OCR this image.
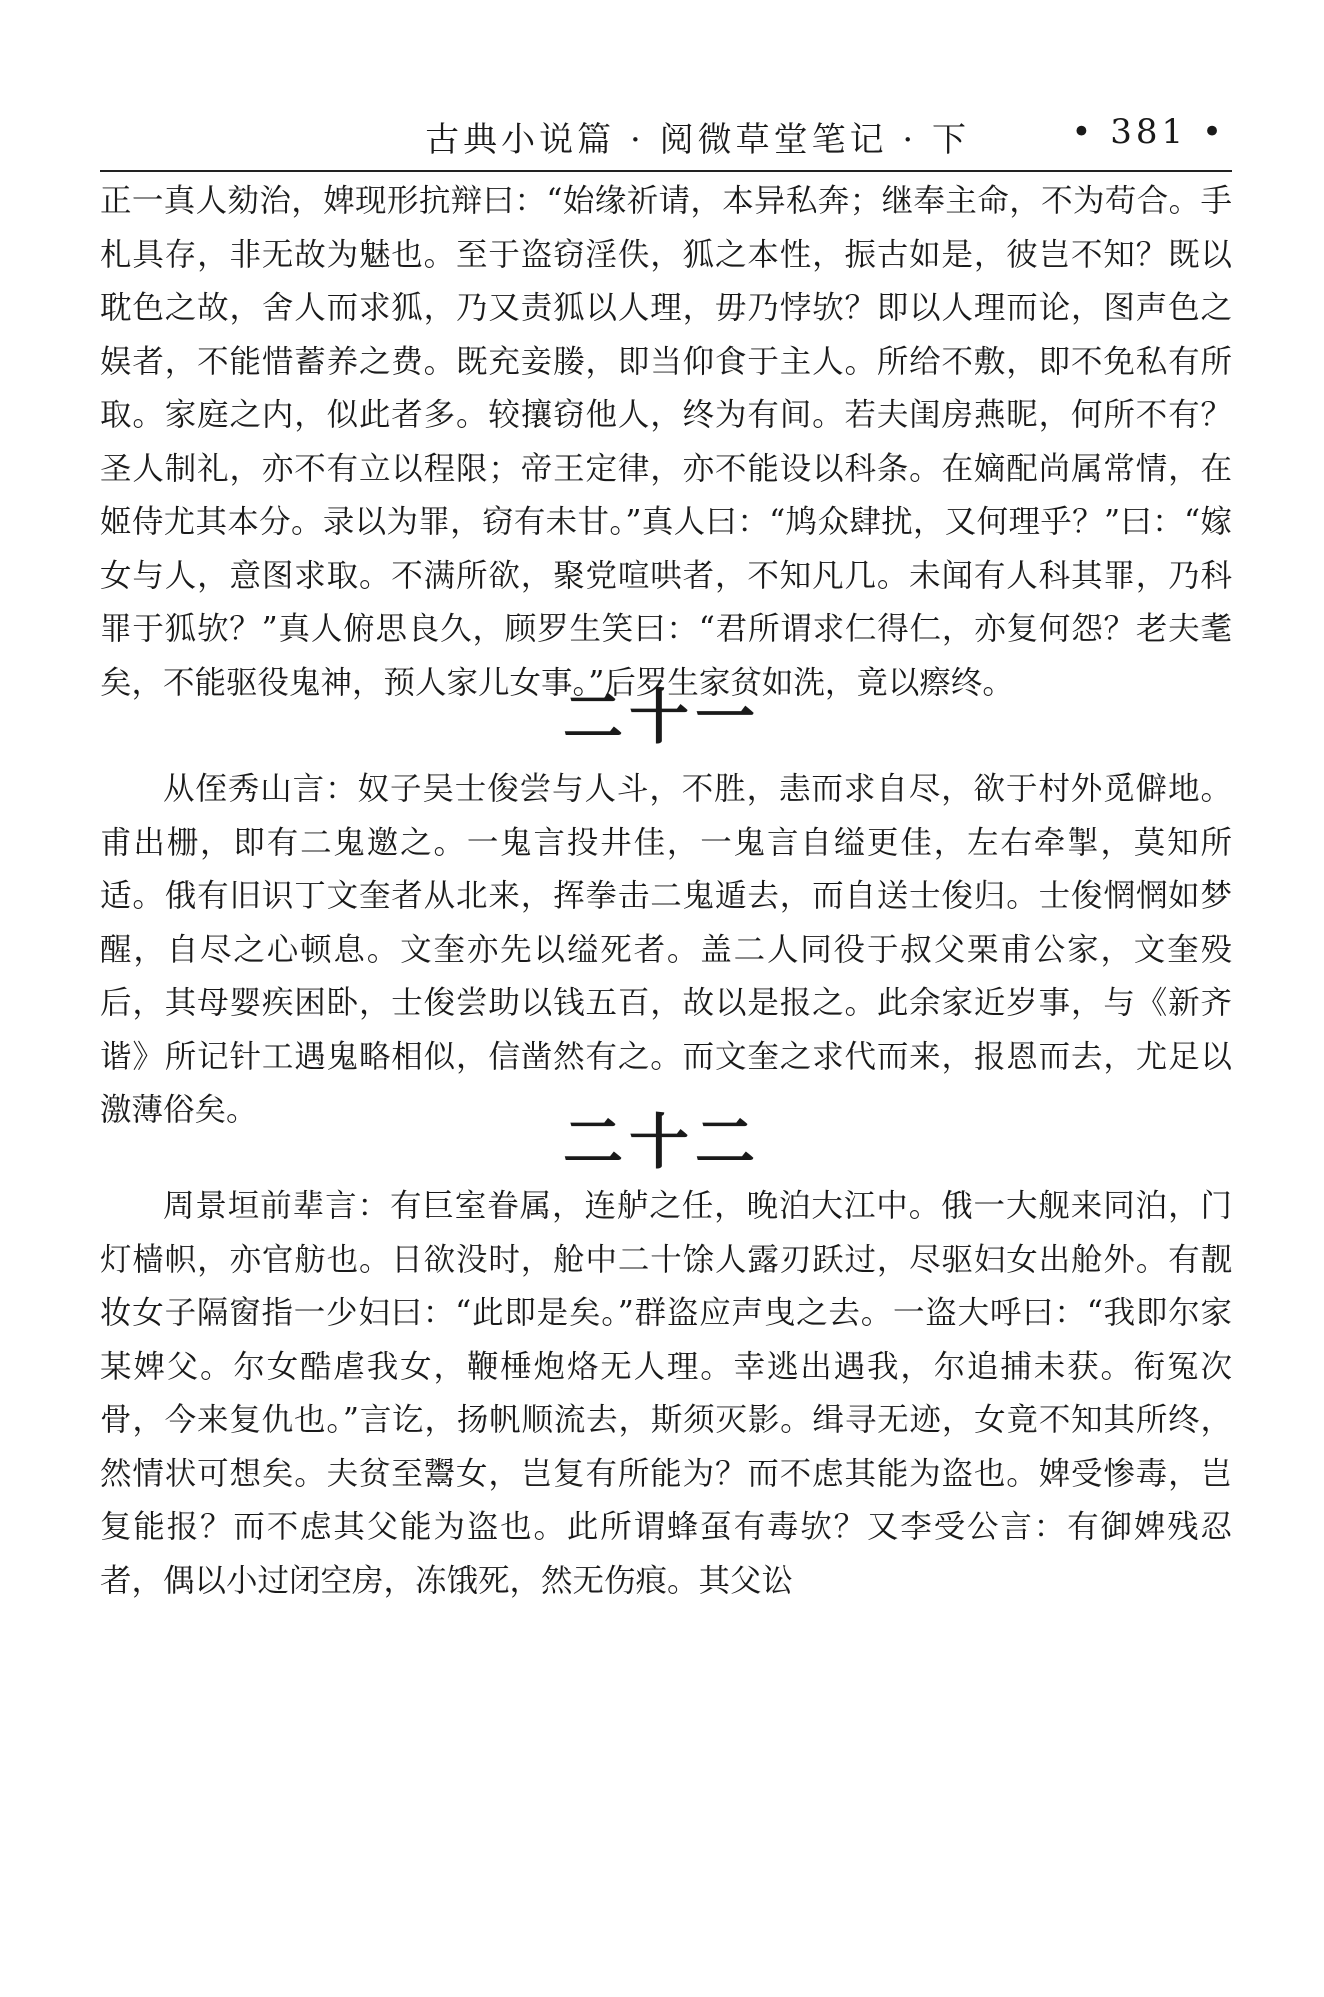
古典小说篇 · 阅微草堂笔记 · 下	• 381 •

正一真人劾治，婢现形抗辩曰：“始缘祈请，本异私奔；继奉主命，不为苟合。手札具存，非无故为魅也。至于盗窃淫佚，狐之本性，振古如是，彼岂不知？既以耽色之故，舍人而求狐，乃又责狐以人理，毋乃悖欤？即以人理而论，图声色之娱者，不能惜蓄养之费。既充妾媵，即当仰食于主人。所给不敷，即不免私有所取。家庭之内，似此者多。较攘窃他人，终为有间。若夫闺房燕昵，何所不有？圣人制礼，亦不有立以程限；帝王定律，亦不能设以科条。在嫡配尚属常情，在姬侍尤其本分。录以为罪，窃有未甘。”真人曰：“鸠众肆扰，又何理乎？”曰：“嫁女与人，意图求取。不满所欲，聚党喧哄者，不知凡几。未闻有人科其罪，乃科罪于狐欤？”真人俯思良久，顾罗生笑曰：“君所谓求仁得仁，亦复何怨？老夫耄矣，不能驱役鬼神，预人家儿女事。”后罗生家贫如洗，竟以瘵终。

二十一

从侄秀山言：奴子吴士俊尝与人斗，不胜，恚而求自尽，欲于村外觅僻地。甫出栅，即有二鬼邀之。一鬼言投井佳，一鬼言自缢更佳，左右牵掣，莫知所适。俄有旧识丁文奎者从北来，挥拳击二鬼遁去，而自送士俊归。士俊惘惘如梦醒，自尽之心顿息。文奎亦先以缢死者。盖二人同役于叔父栗甫公家，文奎殁后，其母婴疾困卧，士俊尝助以钱五百，故以是报之。此余家近岁事，与《新齐谐》所记针工遇鬼略相似，信凿然有之。而文奎之求代而来，报恩而去，尤足以激薄俗矣。	二十二

周景垣前辈言：有巨室眷属，连舻之任，晚泊大江中。俄一大舰来同泊，门灯樯帜，亦官舫也。日欲没时，舱中二十馀人露刃跃过，尽驱妇女出舱外。有靓妆女子隔窗指一少妇曰：“此即是矣。”群盗应声曳之去。一盗大呼曰：“我即尔家某婢父。尔女酷虐我女，鞭棰炮烙无人理。幸逃出遇我，尔追捕未获。衔冤次骨，今来复仇也。”言讫，扬帆顺流去，斯须灭影。缉寻无迹，女竟不知其所终，然情状可想矣。夫贫至鬻女，岂复有所能为？而不虑其能为盗也。婢受惨毒，岂复能报？而不虑其父能为盗也。此所谓蜂虿有毒欤？又李受公言：有御婢残忍者，偶以小过闭空房，冻饿死，然无伤痕。其父讼
